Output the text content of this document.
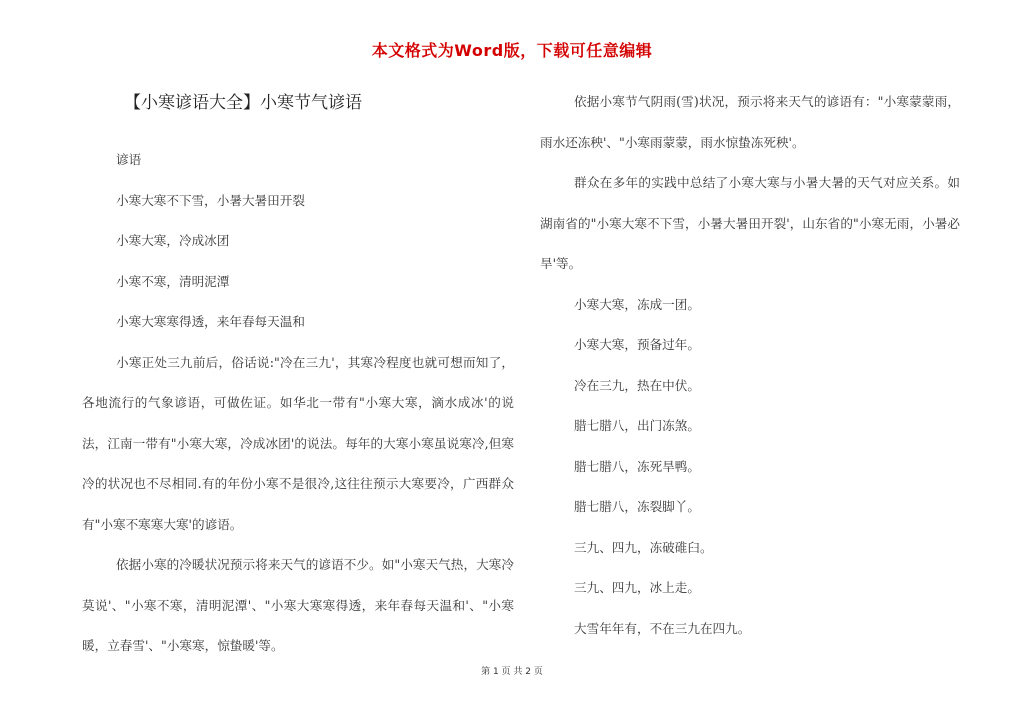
本文格式为Word版，下载可任意编辑
【小寒谚语大全】小寒节气谚语

谚语

小寒大寒不下雪，小暑大暑田开裂

小寒大寒，冷成冰团

小寒不寒，清明泥潭

小寒大寒寒得透，来年春每天温和

小寒正处三九前后，俗话说:"冷在三九'，其寒冷程度也就可想而知了，各地流行的气象谚语，可做佐证。如华北一带有"小寒大寒，滴水成冰'的说法，江南一带有"小寒大寒，冷成冰团'的说法。每年的大寒小寒虽说寒冷,但寒冷的状况也不尽相同.有的年份小寒不是很冷,这往往预示大寒要冷，广西群众有"小寒不寒寒大寒'的谚语。

依据小寒的冷暖状况预示将来天气的谚语不少。如"小寒天气热，大寒冷莫说'、"小寒不寒，清明泥潭'、"小寒大寒寒得透，来年春每天温和'、"小寒暖，立春雪'、"小寒寒，惊蛰暖'等。

依据小寒节气阴雨(雪)状况，预示将来天气的谚语有："小寒蒙蒙雨，雨水还冻秧'、"小寒雨蒙蒙，雨水惊蛰冻死秧'。

群众在多年的实践中总结了小寒大寒与小暑大暑的天气对应关系。如湖南省的"小寒大寒不下雪，小暑大暑田开裂'，山东省的"小寒无雨，小暑必旱'等。

小寒大寒，冻成一团。

小寒大寒，预备过年。

冷在三九，热在中伏。

腊七腊八，出门冻煞。

腊七腊八，冻死旱鸭。

腊七腊八，冻裂脚丫。

三九、四九，冻破碓臼。

三九、四九，冰上走。

大雪年年有，不在三九在四九。

第 1 页 共 2 页
